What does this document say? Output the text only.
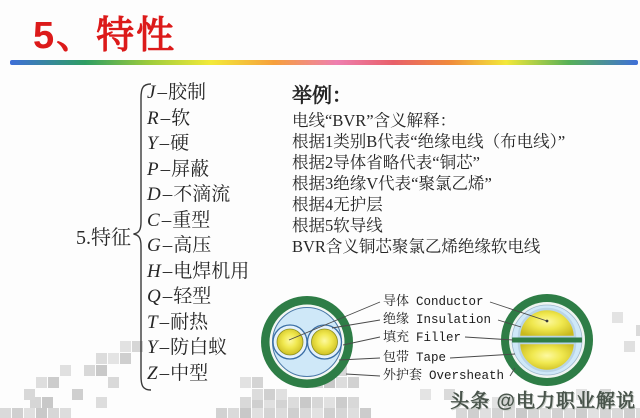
5、特性
5.特征
J –胶制
R –软
Y –硬
P –屏蔽
D –不滴流
C –重型
G –高压
H –电焊机用
Q –轻型
T –耐热
Y –防白蚁
Z –中型
举例：
电线“BVR”含义解释：
根据1类别B代表“绝缘电线（布电线）”
根据2导体省略代表“铜芯”
根据3绝缘V代表“聚氯乙烯”
根据4无护层
根据5软导线
BVR含义铜芯聚氯乙烯绝缘软电线
导体 Conductor
绝缘 Insulation
填充 Filler
包带 Tape
外护套 Oversheath
头条 @电力职业解说
